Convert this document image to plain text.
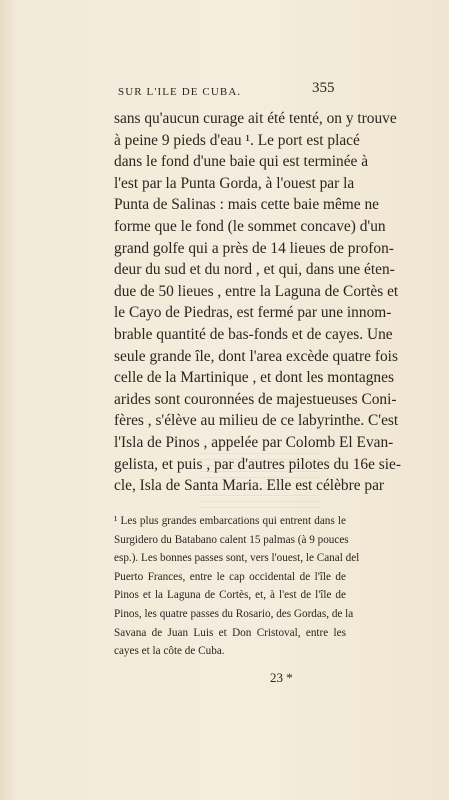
SUR L'ILE DE CUBA.	355
sans qu'aucun curage ait été tenté, on y trouve
à peine 9 pieds d'eau ¹. Le port est placé
dans le fond d'une baie qui est terminée à
l'est par la Punta Gorda, à l'ouest par la
Punta de Salinas : mais cette baie même ne
forme que le fond (le sommet concave) d'un
grand golfe qui a près de 14 lieues de profon-
deur du sud et du nord , et qui, dans une éten-
due de 50 lieues , entre la Laguna de Cortès et
le Cayo de Piedras, est fermé par une innom-
brable quantité de bas-fonds et de cayes. Une
seule grande île, dont l'area excède quatre fois
celle de la Martinique , et dont les montagnes
arides sont couronnées de majestueuses Coni-
fères , s'élève au milieu de ce labyrinthe. C'est
l'Isla de Pinos , appelée par Colomb El Evan-
gelista, et puis , par d'autres pilotes du 16e sie-
cle, Isla de Santa Maria. Elle est célèbre par
¹ Les plus grandes embarcations qui entrent dans le
Surgidero du Batabano calent 15 palmas (à 9 pouces
esp.). Les bonnes passes sont, vers l'ouest, le Canal del
Puerto Frances, entre le cap occidental de l'île de
Pinos et la Laguna de Cortès, et, à l'est de l'île de
Pinos, les quatre passes du Rosario, des Gordas, de la
Savana de Juan Luis et Don Cristoval, entre les
cayes et la côte de Cuba.
23 *
